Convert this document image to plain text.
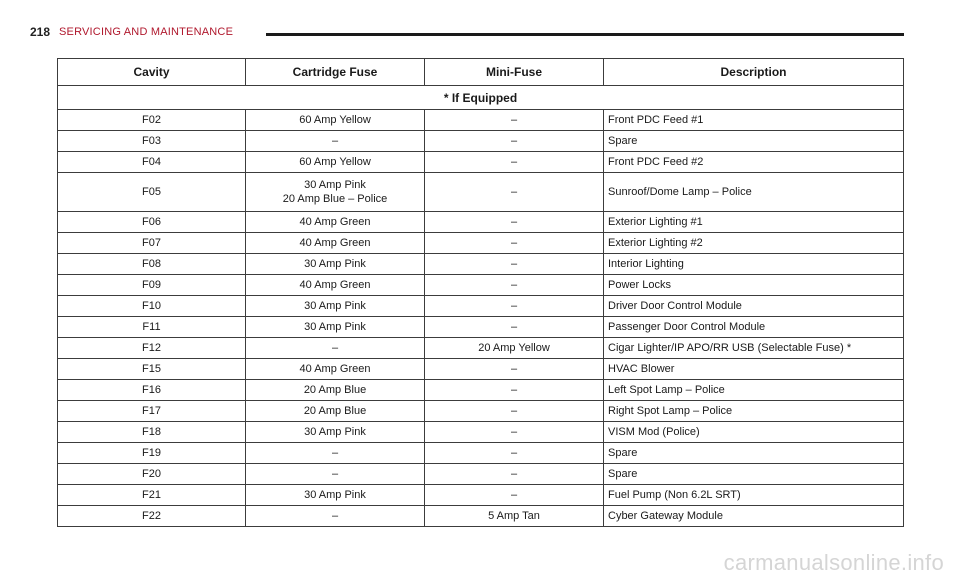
218 SERVICING AND MAINTENANCE
Cavity	Cartridge Fuse	Mini-Fuse	Description
* If Equipped			
F02	60 Amp Yellow	–	Front PDC Feed #1
F03	–	–	Spare
F04	60 Amp Yellow	–	Front PDC Feed #2
F05	30 Amp Pink
20 Amp Blue – Police	–	Sunroof/Dome Lamp – Police
F06	40 Amp Green	–	Exterior Lighting #1
F07	40 Amp Green	–	Exterior Lighting #2
F08	30 Amp Pink	–	Interior Lighting
F09	40 Amp Green	–	Power Locks
F10	30 Amp Pink	–	Driver Door Control Module
F11	30 Amp Pink	–	Passenger Door Control Module
F12	–	20 Amp Yellow	Cigar Lighter/IP APO/RR USB (Selectable Fuse) *
F15	40 Amp Green	–	HVAC Blower
F16	20 Amp Blue	–	Left Spot Lamp – Police
F17	20 Amp Blue	–	Right Spot Lamp – Police
F18	30 Amp Pink	–	VISM Mod (Police)
F19	–	–	Spare
F20	–	–	Spare
F21	30 Amp Pink	–	Fuel Pump (Non 6.2L SRT)
F22	–	5 Amp Tan	Cyber Gateway Module
carmanualsonline.info
